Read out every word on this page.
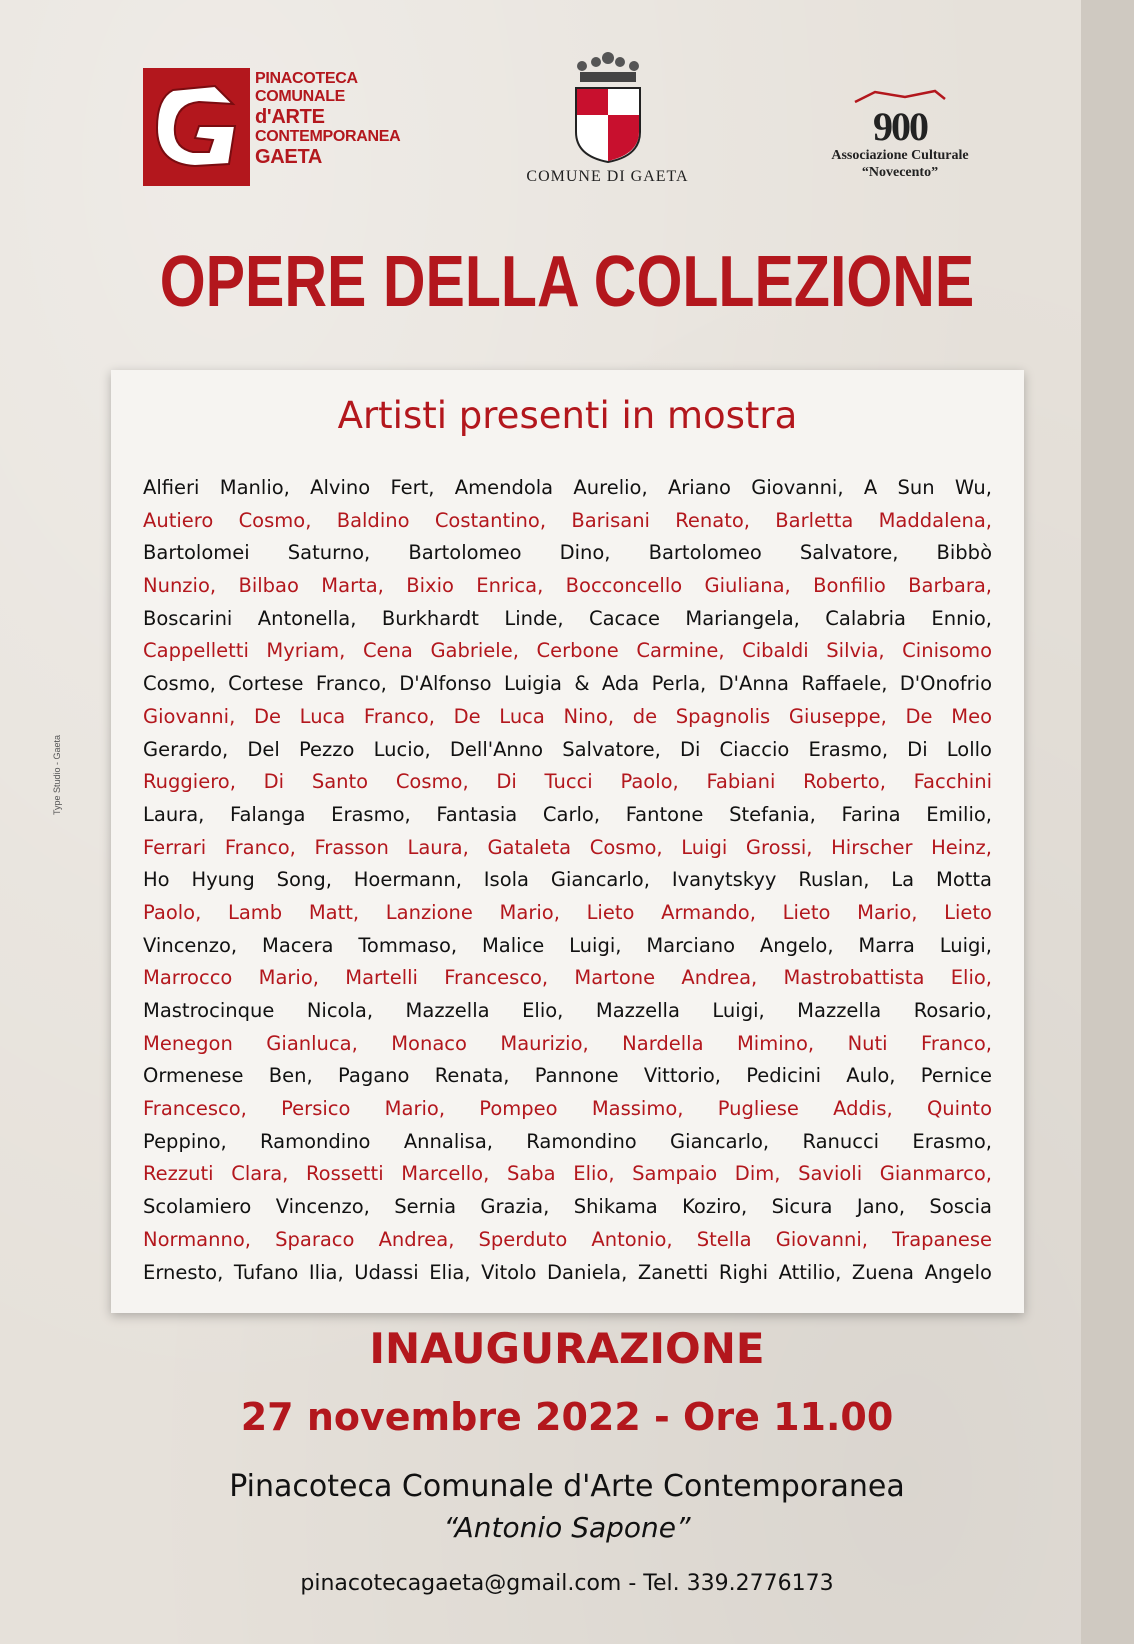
Type Studio - Gaeta
PINACOTECA
COMUNALE
d'ARTE
CONTEMPORANEA
GAETA
COMUNE DI GAETA
900
Associazione Culturale
“Novecento”
OPERE DELLA COLLEZIONE
Artisti presenti in mostra
Alfieri Manlio, Alvino Fert, Amendola Aurelio, Ariano Giovanni, A Sun Wu,
Autiero Cosmo, Baldino Costantino, Barisani Renato, Barletta Maddalena,
Bartolomei Saturno, Bartolomeo Dino, Bartolomeo Salvatore, Bibbò
Nunzio, Bilbao Marta, Bixio Enrica, Bocconcello Giuliana, Bonfilio Barbara,
Boscarini Antonella, Burkhardt Linde, Cacace Mariangela, Calabria Ennio,
Cappelletti Myriam, Cena Gabriele, Cerbone Carmine, Cibaldi Silvia, Cinisomo
Cosmo, Cortese Franco, D'Alfonso Luigia & Ada Perla, D'Anna Raffaele, D'Onofrio
Giovanni, De Luca Franco, De Luca Nino, de Spagnolis Giuseppe, De Meo
Gerardo, Del Pezzo Lucio, Dell'Anno Salvatore, Di Ciaccio Erasmo, Di Lollo
Ruggiero, Di Santo Cosmo, Di Tucci Paolo, Fabiani Roberto, Facchini
Laura, Falanga Erasmo, Fantasia Carlo, Fantone Stefania, Farina Emilio,
Ferrari Franco, Frasson Laura, Gataleta Cosmo, Luigi Grossi, Hirscher Heinz,
Ho Hyung Song, Hoermann, Isola Giancarlo, Ivanytskyy Ruslan, La Motta
Paolo, Lamb Matt, Lanzione Mario, Lieto Armando, Lieto Mario, Lieto
Vincenzo, Macera Tommaso, Malice Luigi, Marciano Angelo, Marra Luigi,
Marrocco Mario, Martelli Francesco, Martone Andrea, Mastrobattista Elio,
Mastrocinque Nicola, Mazzella Elio, Mazzella Luigi, Mazzella Rosario,
Menegon Gianluca, Monaco Maurizio, Nardella Mimino, Nuti Franco,
Ormenese Ben, Pagano Renata, Pannone Vittorio, Pedicini Aulo, Pernice
Francesco, Persico Mario, Pompeo Massimo, Pugliese Addis, Quinto
Peppino, Ramondino Annalisa, Ramondino Giancarlo, Ranucci Erasmo,
Rezzuti Clara, Rossetti Marcello, Saba Elio, Sampaio Dim, Savioli Gianmarco,
Scolamiero Vincenzo, Sernia Grazia, Shikama Koziro, Sicura Jano, Soscia
Normanno, Sparaco Andrea, Sperduto Antonio, Stella Giovanni, Trapanese
Ernesto, Tufano Ilia, Udassi Elia, Vitolo Daniela, Zanetti Righi Attilio, Zuena Angelo
INAUGURAZIONE
27 novembre 2022 - Ore 11.00
Pinacoteca Comunale d'Arte Contemporanea
“Antonio Sapone”
pinacotecagaeta@gmail.com - Tel. 339.2776173
